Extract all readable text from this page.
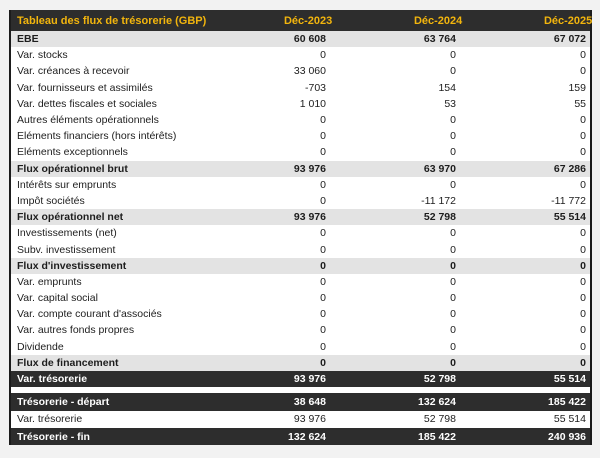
Tableau des flux de trésorerie (GBP)	Déc-2023	Déc-2024	Déc-2025
EBE	60 608	63 764	67 072
Var. stocks	0	0	0
Var. créances à recevoir	33 060	0	0
Var. fournisseurs et assimilés	-703	154	159
Var. dettes fiscales et sociales	1 010	53	55
Autres éléments opérationnels	0	0	0
Eléments financiers (hors intérêts)	0	0	0
Eléments exceptionnels	0	0	0
Flux opérationnel brut	93 976	63 970	67 286
Intérêts sur emprunts	0	0	0
Impôt sociétés	0	-11 172	-11 772
Flux opérationnel net	93 976	52 798	55 514
Investissements (net)	0	0	0
Subv. investissement	0	0	0
Flux d'investissement	0	0	0
Var. emprunts	0	0	0
Var. capital social	0	0	0
Var. compte courant d'associés	0	0	0
Var. autres fonds propres	0	0	0
Dividende	0	0	0
Flux de financement	0	0	0
Var. trésorerie	93 976	52 798	55 514
Trésorerie - départ	38 648	132 624	185 422
Var. trésorerie	93 976	52 798	55 514
Trésorerie - fin	132 624	185 422	240 936
